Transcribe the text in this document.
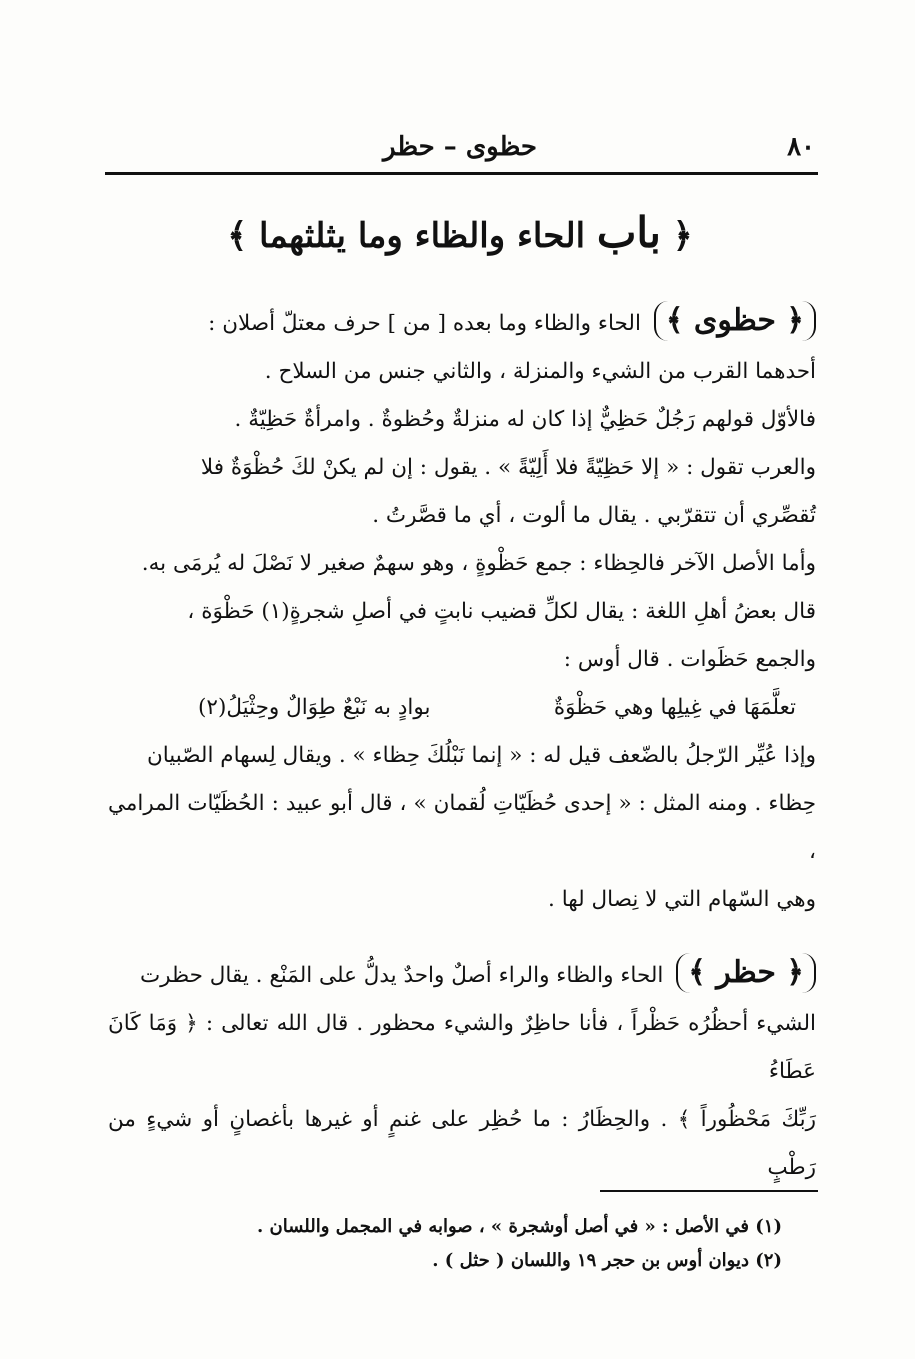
٨٠
حظوى – حظر
﴿ باب الحاء والظاء وما يثلثهما ﴾

﴿ حظوى ﴾ الحاء والظاء وما بعده [ من ] حرف معتلّ أصلان :

أحدهما القرب من الشيء والمنزلة ، والثاني جنس من السلاح .

فالأوّل قولهم رَجُلٌ حَظِيٌّ إذا كان له منزلةٌ وحُظوةٌ . وامرأةٌ حَظِيّةٌ .

والعرب تقول : « إلا حَظِيّةً فلا أَلِيّةً » . يقول : إن لم يكنْ لكَ حُظْوَةٌ فلا

تُقصِّري أن تتقرّبي . يقال ما ألوت ، أي ما قصَّرتُ .

وأما الأصل الآخر فالحِظاء : جمع حَظْوةٍ ، وهو سهمٌ صغير لا نَصْلَ له يُرمَى به.

قال بعضُ أهلِ اللغة : يقال لكلِّ قضيب نابتٍ في أصلِ شجرةٍ(١) حَظْوَة ،

والجمع حَظَوات . قال أوس :

تعلَّمَهَا في غِيلِها وهي حَظْوَةٌ
بوادٍ به نَبْعٌ طِوَالٌ وحِثْيَلُ(٢)

وإذا عُيِّر الرّجلُ بالضّعف قيل له : « إنما نَبْلُكَ حِظاء » . ويقال لِسهام الصّبيان

حِظاء . ومنه المثل : « إحدى حُظَيّاتِ لُقمان » ، قال أبو عبيد : الحُظَيّات المرامي ،

وهي السّهام التي لا نِصال لها .

﴿ حظر ﴾ الحاء والظاء والراء أصلٌ واحدٌ يدلُّ على المَنْع . يقال حظرت

الشيء أحظُرُه حَظْراً ، فأنا حاظِرٌ والشيء محظور . قال الله تعالى : ﴿ وَمَا كَانَ عَطَاءُ

رَبِّكَ مَحْظُوراً ﴾ . والحِظَارُ : ما حُظِر على غنمٍ أو غيرها بأغصانٍ أو شيءٍ من رَطْبٍ

(١) في الأصل : « في أصل أوشجرة » ، صوابه في المجمل واللسان .

(٢) ديوان أوس بن حجر ١٩ واللسان ( حثل ) .
